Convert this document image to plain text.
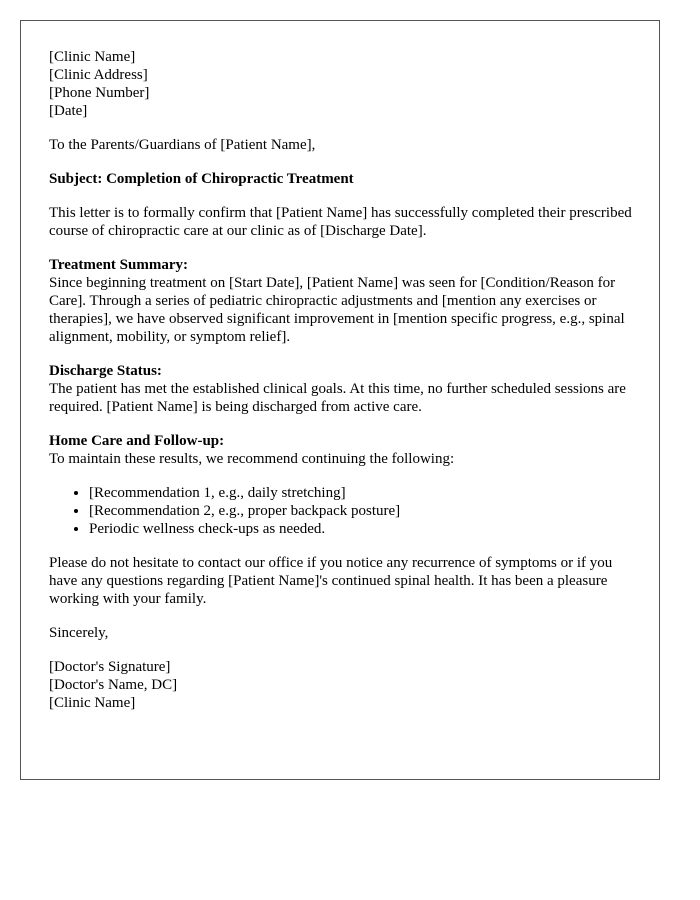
[Clinic Name]
[Clinic Address]
[Phone Number]
[Date]

To the Parents/Guardians of [Patient Name],

Subject: Completion of Chiropractic Treatment

This letter is to formally confirm that [Patient Name] has successfully completed their prescribed course of chiropractic care at our clinic as of [Discharge Date].

Treatment Summary:
Since beginning treatment on [Start Date], [Patient Name] was seen for [Condition/Reason for Care]. Through a series of pediatric chiropractic adjustments and [mention any exercises or therapies], we have observed significant improvement in [mention specific progress, e.g., spinal alignment, mobility, or symptom relief].
Discharge Status:
The patient has met the established clinical goals. At this time, no further scheduled sessions are required. [Patient Name] is being discharged from active care.
Home Care and Follow-up:
To maintain these results, we recommend continuing the following:
• [Recommendation 1, e.g., daily stretching]
• [Recommendation 2, e.g., proper backpack posture]
• Periodic wellness check-ups as needed.

Please do not hesitate to contact our office if you notice any recurrence of symptoms or if you have any questions regarding [Patient Name]'s continued spinal health. It has been a pleasure working with your family.

Sincerely,

[Doctor's Signature]
[Doctor's Name, DC]
[Clinic Name]
